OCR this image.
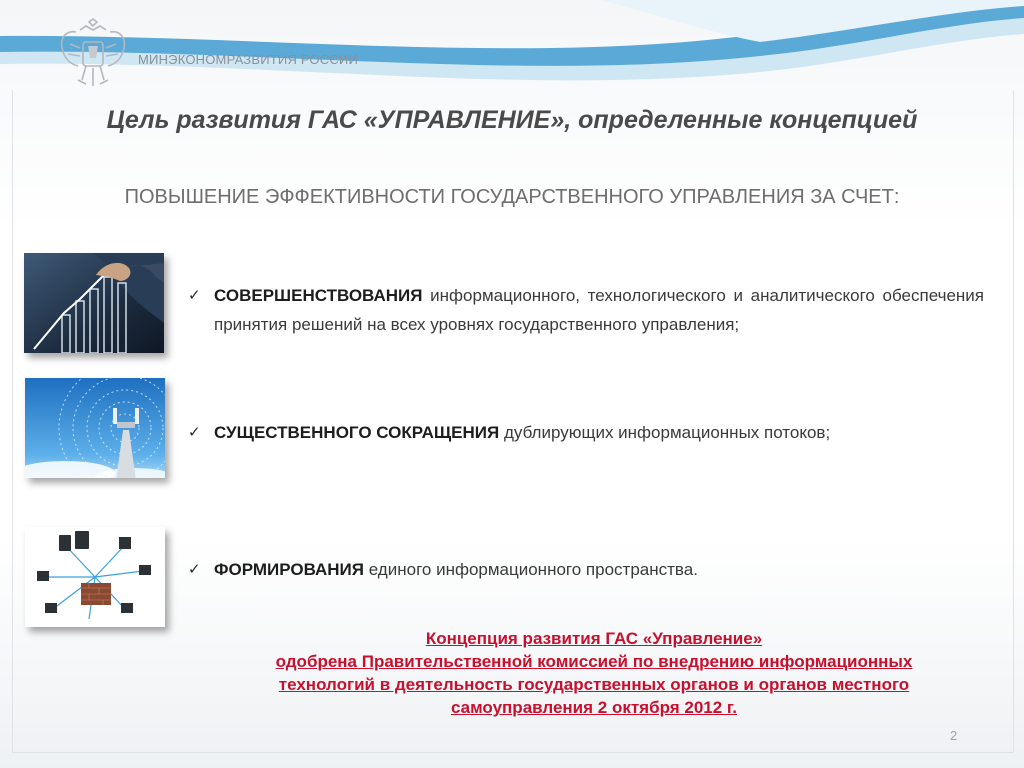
МИНЭКОНОМРАЗВИТИЯ РОССИИ
Цель развития ГАС «УПРАВЛЕНИЕ», определенные концепцией
ПОВЫШЕНИЕ ЭФФЕКТИВНОСТИ ГОСУДАРСТВЕННОГО УПРАВЛЕНИЯ ЗА СЧЕТ:
✓ СОВЕРШЕНСТВОВАНИЯ информационного, технологического и аналитического обеспечения принятия решений на всех уровнях государственного управления;
✓ СУЩЕСТВЕННОГО СОКРАЩЕНИЯ дублирующих информационных потоков;
✓ ФОРМИРОВАНИЯ единого информационного пространства.
Концепция развития ГАС «Управление»
одобрена Правительственной комиссией по внедрению информационных
технологий в деятельность государственных органов и органов местного
самоуправления 2 октября 2012 г.
2
